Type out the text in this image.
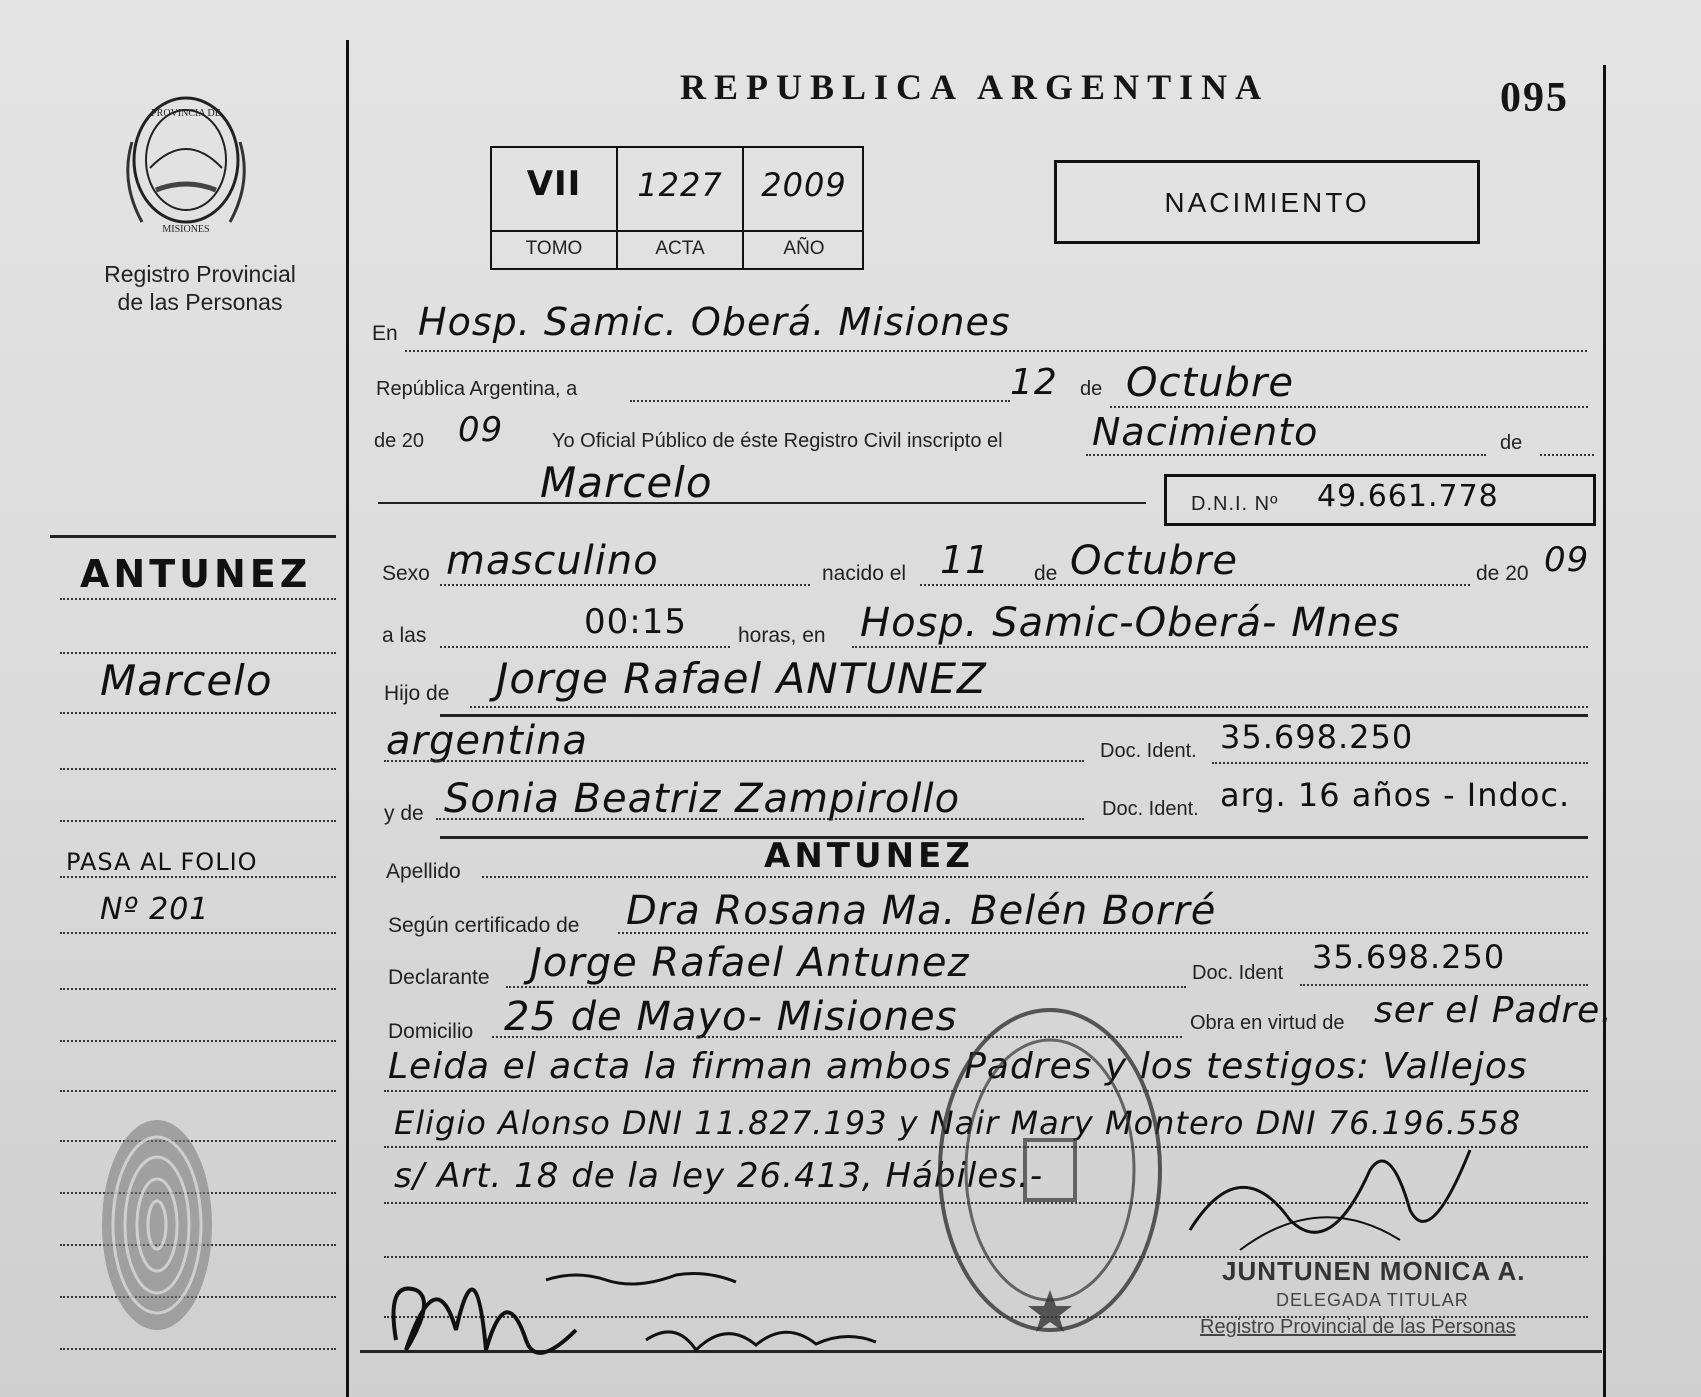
PROVINCIA DE
MISIONES
Registro Provincial
de las Personas
ANTUNEZ
Marcelo
PASA AL FOLIO
Nº 201
REPUBLICA ARGENTINA	095
VII	1227	2009
TOMO	ACTA	AÑO
NACIMIENTO
En Hosp. Samic. Oberá. Misiones
República Argentina, a	12 de Octubre
de 20 09 Yo Oficial Público de éste Registro Civil inscripto el Nacimiento	de
Marcelo	D.N.I. Nº 49.661.778
Sexo masculino	nacido el 11 de Octubre	de 20 09
a las	00:15 horas, en Hosp. Samic-Oberá- Mnes
Hijo de Jorge Rafael ANTUNEZ
argentina	Doc. Ident. 35.698.250
y de Sonia Beatriz Zampirollo	Doc. Ident. arg. 16 años - Indoc.
Apellido	ANTUNEZ
Según certificado de Dra Rosana Ma. Belén Borré
Declarante Jorge Rafael Antunez	Doc. Ident 35.698.250
Domicilio 25 de Mayo- Misiones	Obra en virtud de ser el Padre.
Leida el acta la firman ambos Padres y los testigos: Vallejos
Eligio Alonso DNI 11.827.193 y Nair Mary Montero DNI 76.196.558
s/ Art. 18 de la ley 26.413, Hábiles.-
JUNTUNEN MONICA A.
DELEGADA TITULAR
Registro Provincial de las Personas
